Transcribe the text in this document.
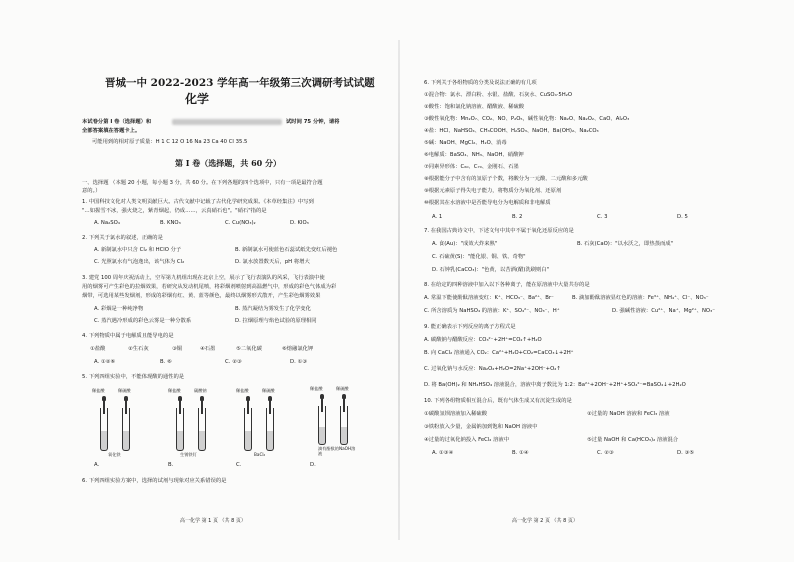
晋城一中 2022-2023 学年高一年级第三次调研考试试题
化学
本试卷分第 I 卷（选择题）和	试时间 75 分钟，请将
全部答案填在答题卡上。
可能用到的相对原子质量：H 1 C 12 O 16 Na 23 Ca 40 Cl 35.5
第 I 卷（选择题，共 60 分）
一、选择题 （本题 20 小题，每小题 3 分，共 60 分。在下列各题的四个选项中，只有一项是最符合题
意的。）
1. 中国科技文化对人类文明贡献巨大。古代文献中记载了古代化学研究成果。《本草经集注》中写到
"…如握雪不冰，强火烧之，紫青烟起，仍成……，云真硝石也"。"硝石"指的是
A. Na₂SO₄	B. KNO₃	C. Cu(NO₃)₂	D. KIO₃
2. 下列关于氯水的叙述，正确的是
A. 新制氯水中只含 Cl₂ 和 HClO 分子	B. 新制氯水可使蓝色石蕊试纸先变红后褪色
C. 光照氯水有气泡逸出，该气体为 Cl₂	D. 氯水放置数天后，pH 将增大
3. 建党 100 周年庆祝活动上，空军第九机组出现在北京上空，展示了飞行表演队的风采，飞行表演中使
用的烟雾可产生彩色的拉烟效果，若研究从发动机尾喷，将彩烟剂喷射到高温燃气中，形成的彩色气体成为彩
烟带，可选用某些发烟剂，形成的彩烟有红、黄、蓝等颜色，最终以烟雾形式散开，产生彩色烟雾效果
A. 彩烟是一种纯净物	B. 蒸汽凝结为雾发生了化学变化
C. 蒸汽遇冷形成的彩色云雾是一种分散系	D. 拉烟原理与焰色试验的原理相同
4. 下列物质中属于电解质且能导电的是
①盐酸	②生石灰	③铜	④石墨	⑤二氧化碳	⑥熔融氯化钾
A. ①②⑥	B. ⑥	C. ②③	D. ①③
5. 下列四组实验中，不能体现酸的通性的是
稀盐酸	稀硫酸
氧化铁
稀盐酸	碳酸钠
生锈铁钉
稀盐酸	稀硫酸
BaCl₂
稀盐酸	稀硫酸
滴有酚酞的NaOH溶液
A.	B.	C.	D.
6. 下列四组实验方案中，选择的试剂与现象对应关系错误的是
高一化学 第 1 页 （共 8 页）
6. 下列关于各组物质的分类及说法正确的有几项
①混合物：氯水、漂白粉、水银、盐酸、石灰水、CuSO₄·5H₂O
②酸性：饱和氯化钠溶液、醋酸液、稀硫酸
③酸性氧化物：Mn₂O₇、CO₂、NO、P₂O₅，碱性氧化物：Na₂O、Na₂O₂、CaO、Al₂O₃
④盐：HCl、NaHSO₄、CH₃COOH、H₂SO₃、NaOH、Ba(OH)₂、Na₂CO₃
⑤碱：NaOH、MgCl₂、H₂O、消毒
⑥电解质：BaSO₄、NH₃、NaOH、硝酸钾
⑦同素异形体：C₆₀、C₇₀、金刚石、石墨
⑧根据能分子中含有的氢原子个数，将酸分为一元酸、二元酸和多元酸
⑨根据元素原子得失电子能力，将物质分为氧化剂、还原剂
⑩根据其在水溶液中是否能导电分为电解质和非电解质
A. 1	B. 2	C. 3	D. 5
7. 在我国古典诗文中，下述文句中其中不属于氧化还原反应的是
A. 食(Au)："成效大炸来熟"	B. 石灰(CaO)："以水沃之，即热蒸而成"
C. 石硫黄(S)："能化银、铜、铁、奇物"
D. 石钟乳(CaCO₃)："色黄，以苦酒(醋)洗刷则白"
8. 在给定的四种溶液中加入以下各种离子，能在原溶液中大量共存的是
A. 常温下能使酚酞溶液变红：K⁺、HCO₃⁻、Ba²⁺、Br⁻	B. 滴加酚酞溶液显红色的溶液：Fe³⁺、NH₄⁺、Cl⁻、NO₃⁻
C. 所含溶质为 NaHSO₄ 的溶液：K⁺、SO₄²⁻、NO₃⁻、H⁺	D. 强碱性溶液：Cu²⁺、Na⁺、Mg²⁺、NO₃⁻
9. 能正确表示下列反应的离子方程式是
A. 碳酸钠与醋酸反应：CO₃²⁻+2H⁺=CO₂↑+H₂O
B. 向 CaCl₂ 溶液通入 CO₂：Ca²⁺+H₂O+CO₂=CaCO₃↓+2H⁺
C. 过氧化钠与水反应：Na₂O₂+H₂O=2Na⁺+2OH⁻+O₂↑
D. 将 Ba(OH)₂ 和 NH₄HSO₄ 溶液混合，溶液中离子数比为 1:2：Ba²⁺+2OH⁻+2H⁺+SO₄²⁻=BaSO₄↓+2H₂O
10. 下列各组物质相互混合后，既有气体生成又有沉淀生成的是
①碳酸氢钡溶液加入稀硫酸	②过量的 NaOH 溶液和 FeCl₃ 溶液
③铁粉放入少量，金属钠加到饱和 NaOH 溶液中
④过量的过氧化钠投入 FeCl₂ 溶液中	⑤过量 NaOH 和 Ca(HCO₃)₂ 溶液混合
A. ①③④	B. ①④	C. ②③	D. ③⑤
高一化学 第 2 页 （共 8 页）
